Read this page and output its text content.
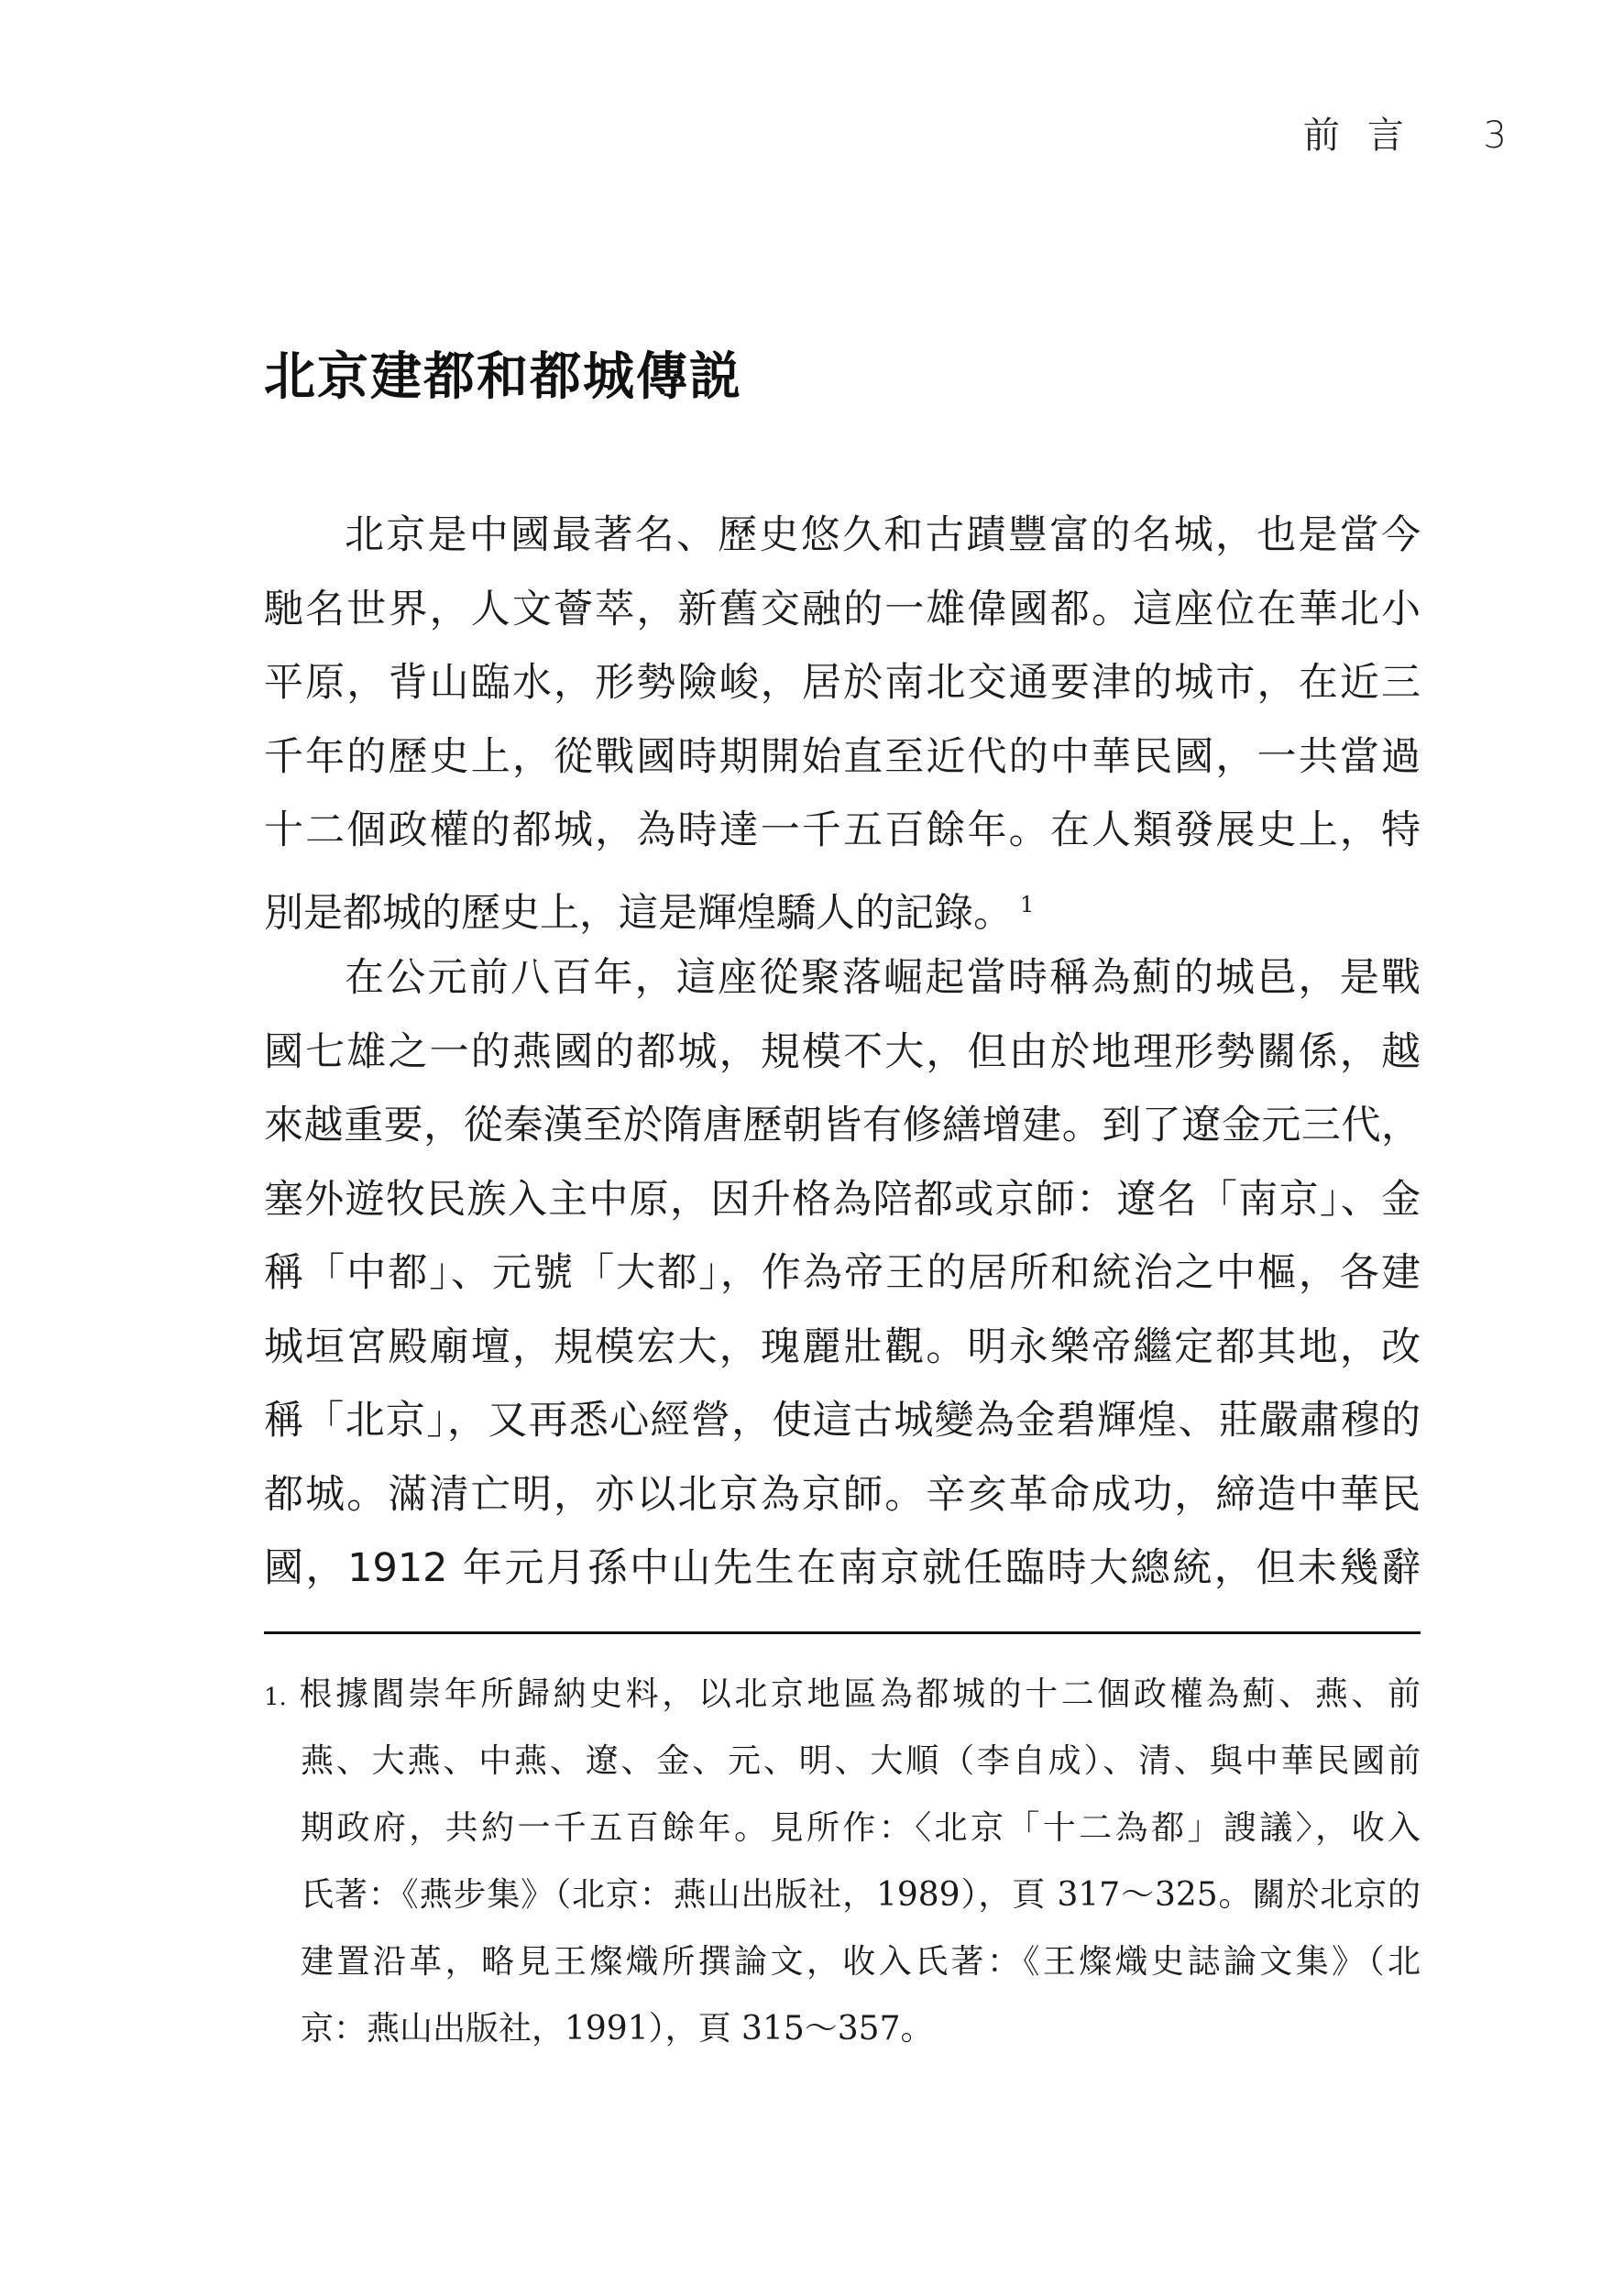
前言 3
北京建都和都城傳説
北京是中國最著名、歷史悠久和古蹟豐富的名城，也是當今
馳名世界，人文薈萃，新舊交融的一雄偉國都。這座位在華北小
平原，背山臨水，形勢險峻，居於南北交通要津的城市，在近三
千年的歷史上，從戰國時期開始直至近代的中華民國，一共當過
十二個政權的都城，為時達一千五百餘年。在人類發展史上，特
別是都城的歷史上，這是輝煌驕人的記錄。 $^1$
在公元前八百年，這座從聚落崛起當時稱為薊的城邑，是戰
國七雄之一的燕國的都城，規模不大，但由於地理形勢關係，越
來越重要，從秦漢至於隋唐歷朝皆有修繕增建。到了遼金元三代，
塞外遊牧民族入主中原，因升格為陪都或京師：遼名「南京」、金
稱「中都」、元號「大都」，作為帝王的居所和統治之中樞，各建
城垣宮殿廟壇，規模宏大，瑰麗壯觀。明永樂帝繼定都其地，改
稱「北京」，又再悉心經營，使這古城變為金碧輝煌、莊嚴肅穆的
都城。滿清亡明，亦以北京為京師。辛亥革命成功，締造中華民
國，1912 年元月孫中山先生在南京就任臨時大總統，但未幾辭
1. 根據閻崇年所歸納史料，以北京地區為都城的十二個政權為薊、燕、前
燕、大燕、中燕、遼、金、元、明、大順（李自成）、清、與中華民國前
期政府，共約一千五百餘年。見所作：〈北京「十二為都」謏議〉，收入
氏著：《燕步集》（北京：燕山出版社，1989），頁 317～325。關於北京的
建置沿革，略見王燦熾所撰論文，收入氏著：《王燦熾史誌論文集》（北
京：燕山出版社，1991），頁 315～357。
